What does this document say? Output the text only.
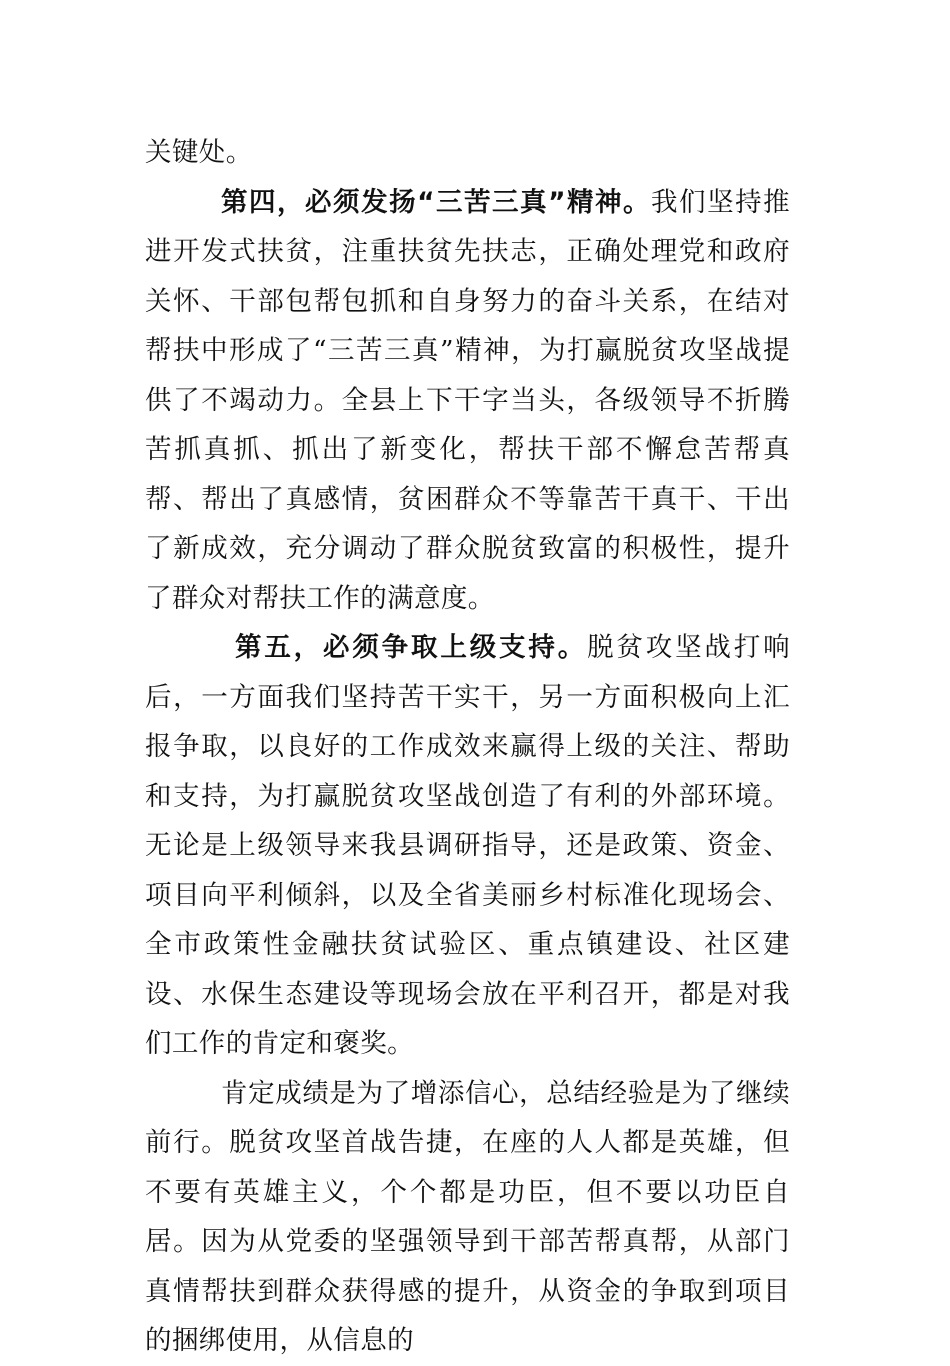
关键处。

第四，必须发扬“三苦三真”精神。我们坚持推进开发式扶贫，注重扶贫先扶志，正确处理党和政府关怀、干部包帮包抓和自身努力的奋斗关系，在结对帮扶中形成了“三苦三真”精神，为打赢脱贫攻坚战提供了不竭动力。全县上下干字当头，各级领导不折腾苦抓真抓、抓出了新变化，帮扶干部不懈怠苦帮真帮、帮出了真感情，贫困群众不等靠苦干真干、干出了新成效，充分调动了群众脱贫致富的积极性，提升了群众对帮扶工作的满意度。

第五，必须争取上级支持。脱贫攻坚战打响后，一方面我们坚持苦干实干，另一方面积极向上汇报争取，以良好的工作成效来赢得上级的关注、帮助和支持，为打赢脱贫攻坚战创造了有利的外部环境。无论是上级领导来我县调研指导，还是政策、资金、项目向平利倾斜，以及全省美丽乡村标准化现场会、全市政策性金融扶贫试验区、重点镇建设、社区建设、水保生态建设等现场会放在平利召开，都是对我们工作的肯定和褒奖。

肯定成绩是为了增添信心，总结经验是为了继续前行。脱贫攻坚首战告捷，在座的人人都是英雄，但不要有英雄主义，个个都是功臣，但不要以功臣自居。因为从党委的坚强领导到干部苦帮真帮，从部门真情帮扶到群众获得感的提升，从资金的争取到项目的捆绑使用，从信息的
